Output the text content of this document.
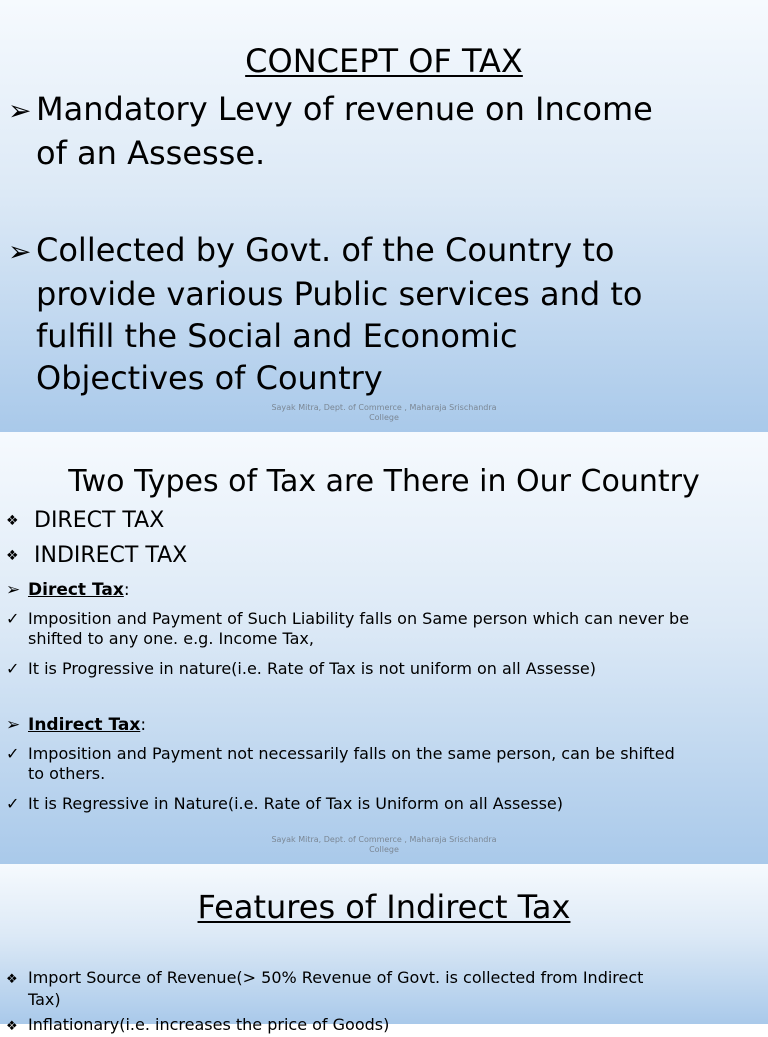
CONCEPT OF TAX
➢ Mandatory Levy of revenue on Income
of an Assesse.
➢ Collected by Govt. of the Country to
provide various Public services and to
fulfill the Social and Economic
Objectives of Country
Sayak Mitra, Dept. of Commerce , Maharaja Srischandra
College
Two Types of Tax are There in Our Country
❖ DIRECT TAX
❖ INDIRECT TAX
➢ Direct Tax:
✓ Imposition and Payment of Such Liability falls on Same person which can never be
shifted to any one. e.g. Income Tax,
✓ It is Progressive in nature(i.e. Rate of Tax is not uniform on all Assesse)
➢ Indirect Tax:
✓ Imposition and Payment not necessarily falls on the same person, can be shifted
to others.
✓ It is Regressive in Nature(i.e. Rate of Tax is Uniform on all Assesse)
Sayak Mitra, Dept. of Commerce , Maharaja Srischandra
College
Features of Indirect Tax
❖ Import Source of Revenue(> 50% Revenue of Govt. is collected from Indirect
Tax)
❖ Inflationary(i.e. increases the price of Goods)
